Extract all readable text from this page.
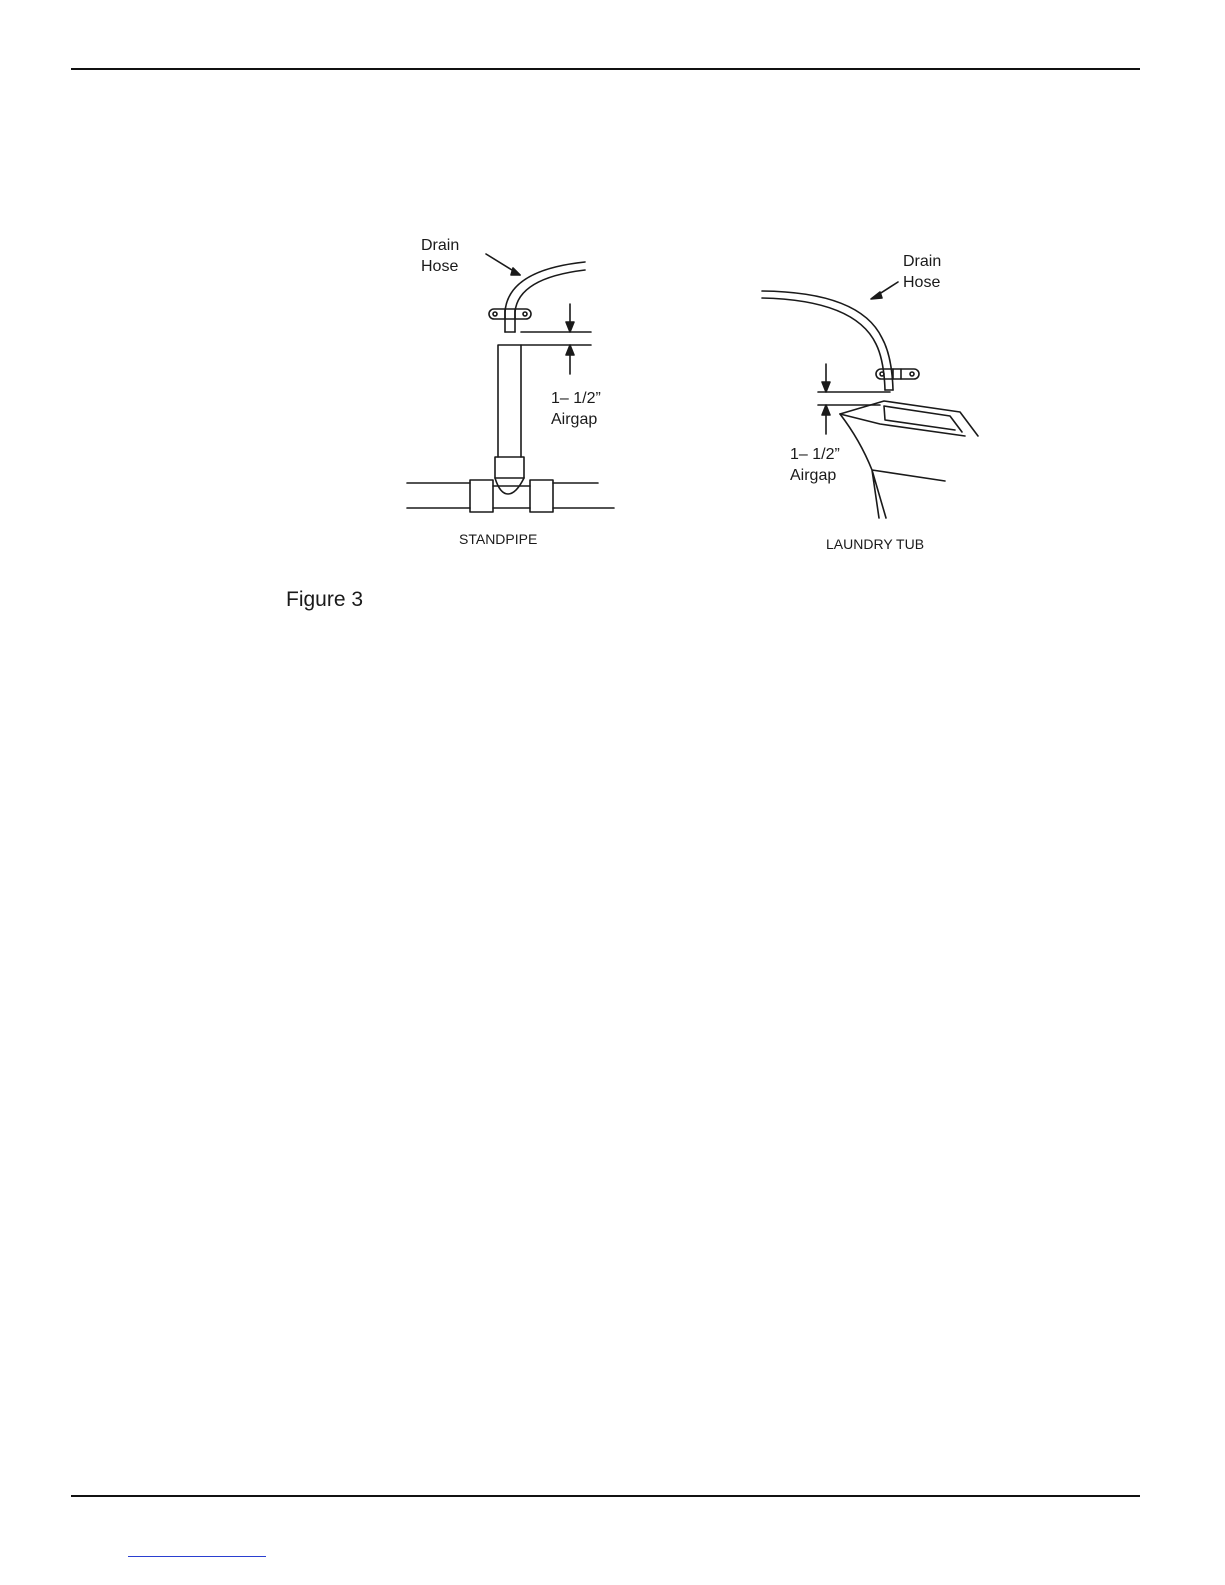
Drain
Hose
1– 1/2”
Airgap
STANDPIPE
Drain
Hose
1– 1/2”
Airgap
LAUNDRY TUB
Figure 3
